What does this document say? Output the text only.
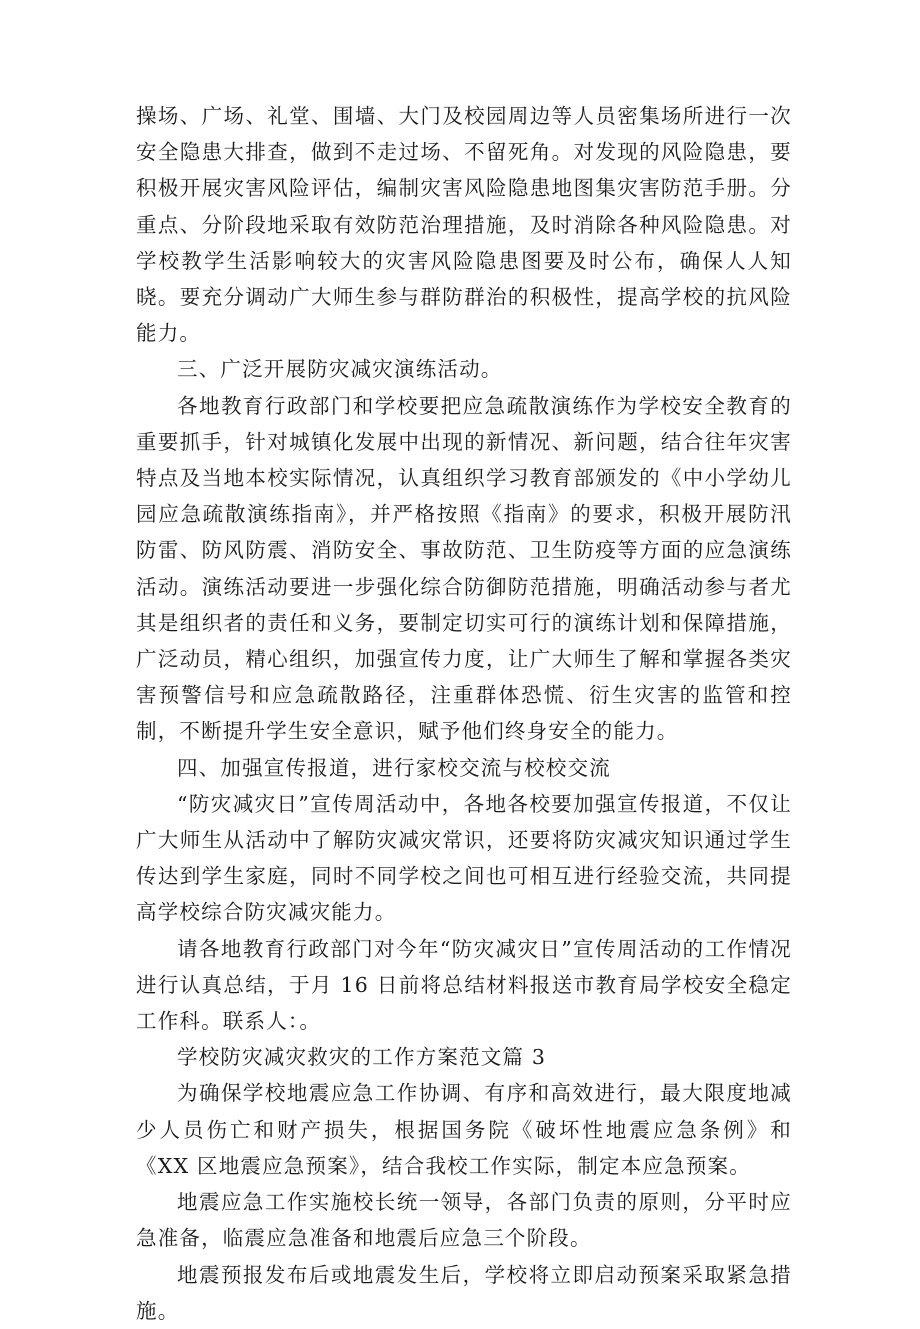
操场、广场、礼堂、围墙、大门及校园周边等人员密集场所进行一次安全隐患大排查，做到不走过场、不留死角。对发现的风险隐患，要积极开展灾害风险评估，编制灾害风险隐患地图集灾害防范手册。分重点、分阶段地采取有效防范治理措施，及时消除各种风险隐患。对学校教学生活影响较大的灾害风险隐患图要及时公布，确保人人知晓。要充分调动广大师生参与群防群治的积极性，提高学校的抗风险能力。

三、广泛开展防灾减灾演练活动。

各地教育行政部门和学校要把应急疏散演练作为学校安全教育的重要抓手，针对城镇化发展中出现的新情况、新问题，结合往年灾害特点及当地本校实际情况，认真组织学习教育部颁发的《中小学幼儿园应急疏散演练指南》，并严格按照《指南》的要求，积极开展防汛防雷、防风防震、消防安全、事故防范、卫生防疫等方面的应急演练活动。演练活动要进一步强化综合防御防范措施，明确活动参与者尤其是组织者的责任和义务，要制定切实可行的演练计划和保障措施，广泛动员，精心组织，加强宣传力度，让广大师生了解和掌握各类灾害预警信号和应急疏散路径，注重群体恐慌、衍生灾害的监管和控制，不断提升学生安全意识，赋予他们终身安全的能力。

四、加强宣传报道，进行家校交流与校校交流

“防灾减灾日”宣传周活动中，各地各校要加强宣传报道，不仅让广大师生从活动中了解防灾减灾常识，还要将防灾减灾知识通过学生传达到学生家庭，同时不同学校之间也可相互进行经验交流，共同提高学校综合防灾减灾能力。

请各地教育行政部门对今年“防灾减灾日”宣传周活动的工作情况进行认真总结，于月 16 日前将总结材料报送市教育局学校安全稳定工作科。联系人：。

学校防灾减灾救灾的工作方案范文篇 3

为确保学校地震应急工作协调、有序和高效进行，最大限度地减少人员伤亡和财产损失，根据国务院《破坏性地震应急条例》和《XX 区地震应急预案》，结合我校工作实际，制定本应急预案。

地震应急工作实施校长统一领导，各部门负责的原则，分平时应急准备，临震应急准备和地震后应急三个阶段。

地震预报发布后或地震发生后，学校将立即启动预案采取紧急措施。
